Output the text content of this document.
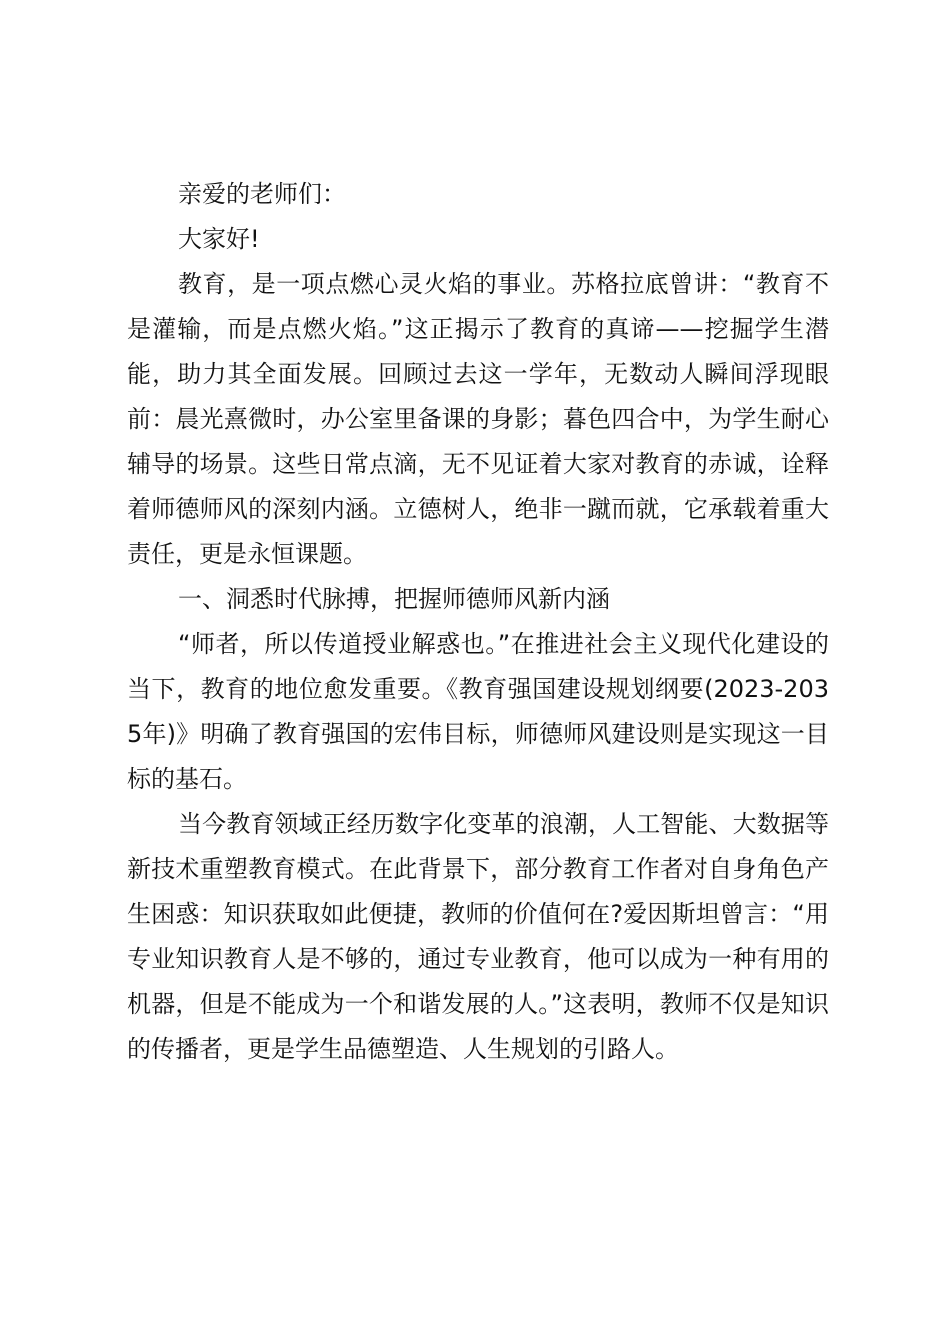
亲爱的老师们：

大家好!

教育，是一项点燃心灵火焰的事业。苏格拉底曾讲：“教育不是灌输，而是点燃火焰。”这正揭示了教育的真谛——挖掘学生潜能，助力其全面发展。回顾过去这一学年，无数动人瞬间浮现眼前：晨光熹微时，办公室里备课的身影；暮色四合中，为学生耐心辅导的场景。这些日常点滴，无不见证着大家对教育的赤诚，诠释着师德师风的深刻内涵。立德树人，绝非一蹴而就，它承载着重大责任，更是永恒课题。

一、洞悉时代脉搏，把握师德师风新内涵

“师者，所以传道授业解惑也。”在推进社会主义现代化建设的当下，教育的地位愈发重要。《教育强国建设规划纲要(2023-2035年)》明确了教育强国的宏伟目标，师德师风建设则是实现这一目标的基石。

当今教育领域正经历数字化变革的浪潮，人工智能、大数据等新技术重塑教育模式。在此背景下，部分教育工作者对自身角色产生困惑：知识获取如此便捷，教师的价值何在?爱因斯坦曾言：“用专业知识教育人是不够的，通过专业教育，他可以成为一种有用的机器，但是不能成为一个和谐发展的人。”这表明，教师不仅是知识的传播者，更是学生品德塑造、人生规划的引路人。
